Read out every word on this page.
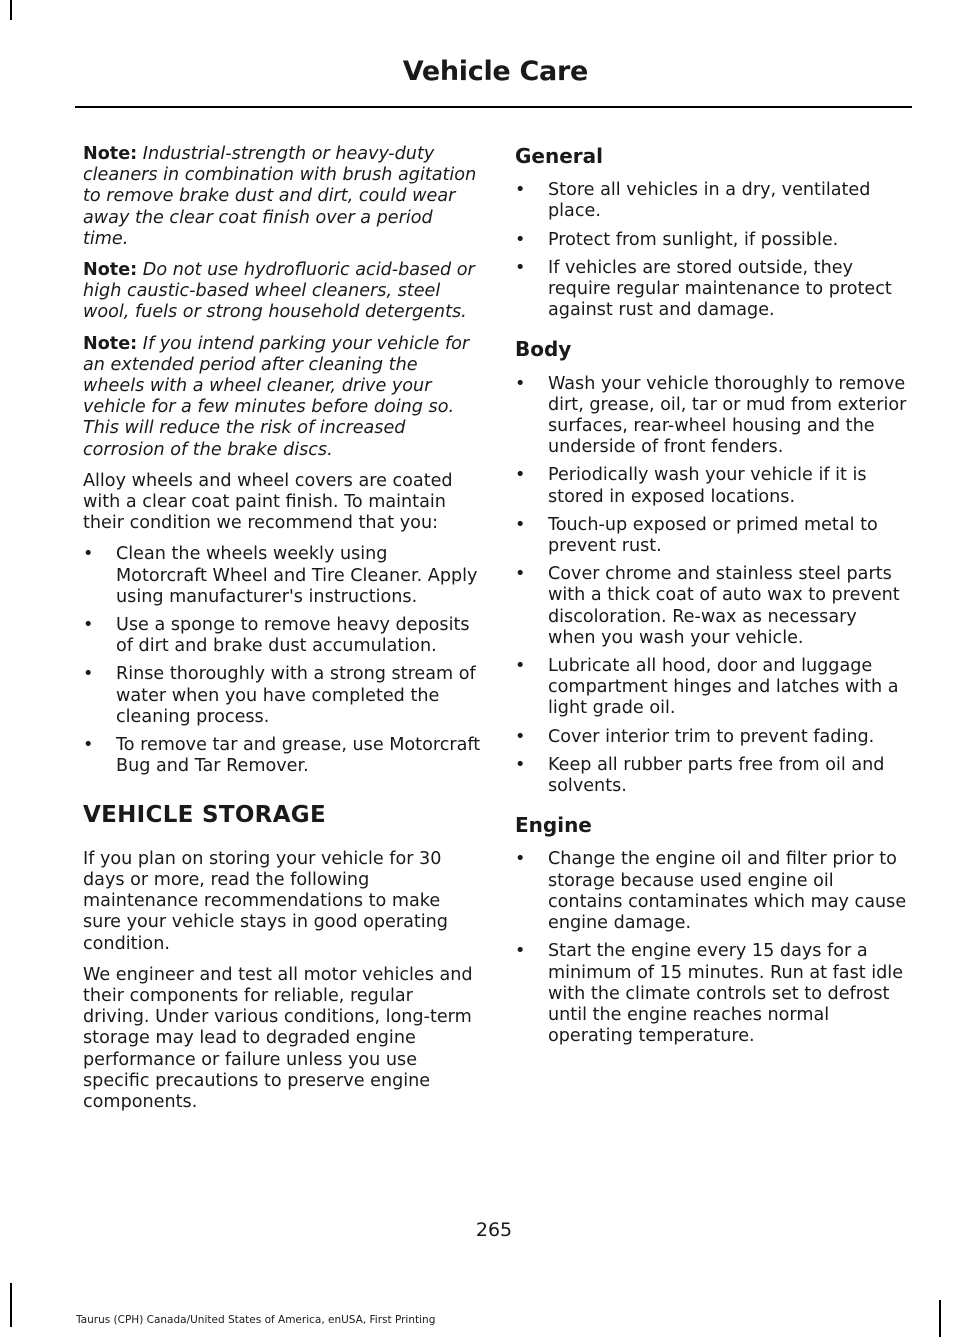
Vehicle Care

Note: Industrial-strength or heavy-duty cleaners in combination with brush agitation to remove brake dust and dirt, could wear away the clear coat finish over a period time.

Note: Do not use hydrofluoric acid-based or high caustic-based wheel cleaners, steel wool, fuels or strong household detergents.

Note: If you intend parking your vehicle for an extended period after cleaning the wheels with a wheel cleaner, drive your vehicle for a few minutes before doing so. This will reduce the risk of increased corrosion of the brake discs.

Alloy wheels and wheel covers are coated with a clear coat paint finish. To maintain their condition we recommend that you:

• Clean the wheels weekly using Motorcraft Wheel and Tire Cleaner. Apply using manufacturer's instructions.
• Use a sponge to remove heavy deposits of dirt and brake dust accumulation.
• Rinse thoroughly with a strong stream of water when you have completed the cleaning process.
• To remove tar and grease, use Motorcraft Bug and Tar Remover.
VEHICLE STORAGE

If you plan on storing your vehicle for 30 days or more, read the following maintenance recommendations to make sure your vehicle stays in good operating condition.

We engineer and test all motor vehicles and their components for reliable, regular driving. Under various conditions, long-term storage may lead to degraded engine performance or failure unless you use specific precautions to preserve engine components.

General
• Store all vehicles in a dry, ventilated place.
• Protect from sunlight, if possible.
• If vehicles are stored outside, they require regular maintenance to protect against rust and damage.
Body
• Wash your vehicle thoroughly to remove dirt, grease, oil, tar or mud from exterior surfaces, rear-wheel housing and the underside of front fenders.
• Periodically wash your vehicle if it is stored in exposed locations.
• Touch-up exposed or primed metal to prevent rust.
• Cover chrome and stainless steel parts with a thick coat of auto wax to prevent discoloration. Re-wax as necessary when you wash your vehicle.
• Lubricate all hood, door and luggage compartment hinges and latches with a light grade oil.
• Cover interior trim to prevent fading.
• Keep all rubber parts free from oil and solvents.
Engine
• Change the engine oil and filter prior to storage because used engine oil contains contaminates which may cause engine damage.
• Start the engine every 15 days for a minimum of 15 minutes. Run at fast idle with the climate controls set to defrost until the engine reaches normal operating temperature.
265
Taurus (CPH) Canada/United States of America, enUSA, First Printing
